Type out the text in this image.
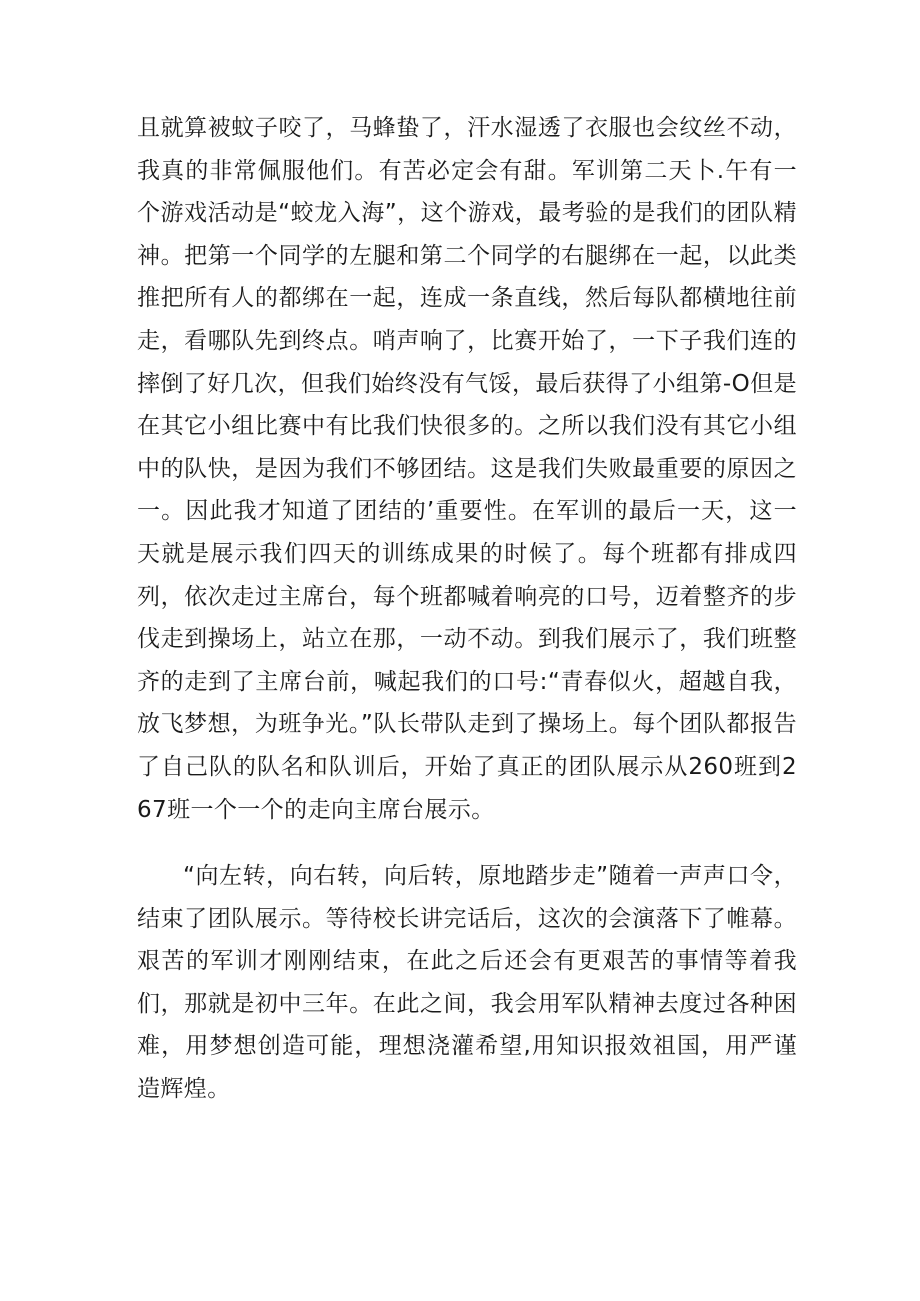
且就算被蚊子咬了，马蜂蛰了，汗水湿透了衣服也会纹丝不动，我真的非常佩服他们。有苦必定会有甜。军训第二天卜.午有一个游戏活动是“蛟龙入海”，这个游戏，最考验的是我们的团队精神。把第一个同学的左腿和第二个同学的右腿绑在一起，以此类推把所有人的都绑在一起，连成一条直线，然后每队都横地往前走，看哪队先到终点。哨声响了，比赛开始了，一下子我们连的摔倒了好几次，但我们始终没有气馁，最后获得了小组第-O但是在其它小组比赛中有比我们快很多的。之所以我们没有其它小组中的队快，是因为我们不够团结。这是我们失败最重要的原因之一。因此我才知道了团结的’重要性。在军训的最后一天，这一天就是展示我们四天的训练成果的时候了。每个班都有排成四列，依次走过主席台，每个班都喊着响亮的口号，迈着整齐的步伐走到操场上，站立在那，一动不动。到我们展示了，我们班整齐的走到了主席台前，喊起我们的口号:“青春似火，超越自我，放飞梦想，为班争光。”队长带队走到了操场上。每个团队都报告了自己队的队名和队训后，开始了真正的团队展示从260班到267班一个一个的走向主席台展示。

“向左转，向右转，向后转，原地踏步走”随着一声声口令，结束了团队展示。等待校长讲完话后，这次的会演落下了帷幕。艰苦的军训才刚刚结束，在此之后还会有更艰苦的事情等着我们，那就是初中三年。在此之间，我会用军队精神去度过各种困难，用梦想创造可能，理想浇灌希望,用知识报效祖国，用严谨造辉煌。
